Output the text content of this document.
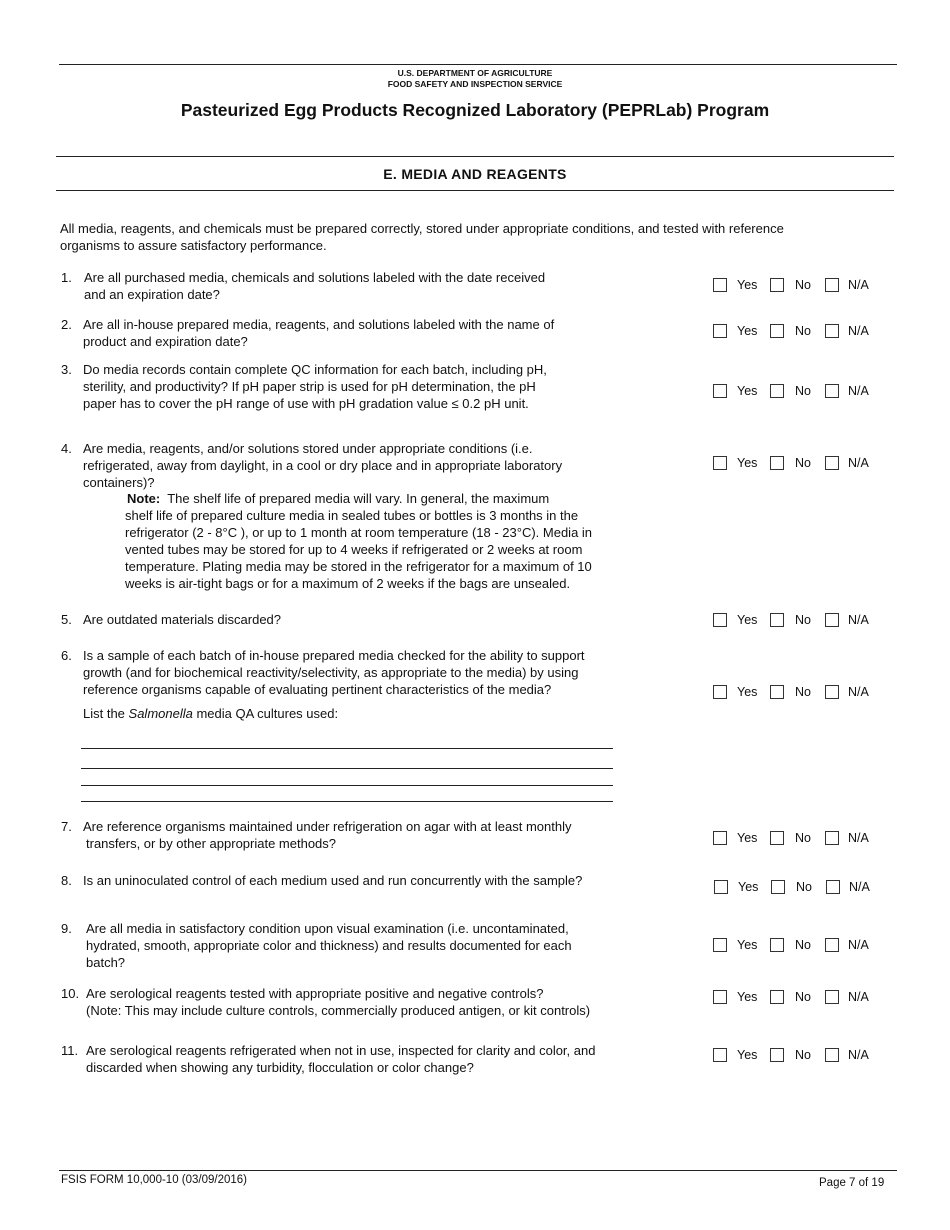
U.S. DEPARTMENT OF AGRICULTURE
FOOD SAFETY AND INSPECTION SERVICE
Pasteurized Egg Products Recognized Laboratory (PEPRLab) Program
E. MEDIA AND REAGENTS
All media, reagents, and chemicals must be prepared correctly, stored under appropriate conditions, and tested with reference
organisms to assure satisfactory performance.
1. Are all purchased media, chemicals and solutions labeled with the date received
and an expiration date?
Yes	No	N/A
2. Are all in-house prepared media, reagents, and solutions labeled with the name of
product and expiration date?
Yes	No	N/A
3. Do media records contain complete QC information for each batch, including pH,
sterility, and productivity? If pH paper strip is used for pH determination, the pH
paper has to cover the pH range of use with pH gradation value ≤ 0.2 pH unit.
Yes	No	N/A
4. Are media, reagents, and/or solutions stored under appropriate conditions (i.e.
refrigerated, away from daylight, in a cool or dry place and in appropriate laboratory
containers)?
Note: The shelf life of prepared media will vary. In general, the maximum
shelf life of prepared culture media in sealed tubes or bottles is 3 months in the
refrigerator (2 - 8°C ), or up to 1 month at room temperature (18 - 23°C). Media in
vented tubes may be stored for up to 4 weeks if refrigerated or 2 weeks at room
temperature. Plating media may be stored in the refrigerator for a maximum of 10
weeks is air-tight bags or for a maximum of 2 weeks if the bags are unsealed.
Yes	No	N/A
5. Are outdated materials discarded?	Yes	No	N/A
6. Is a sample of each batch of in-house prepared media checked for the ability to support
growth (and for biochemical reactivity/selectivity, as appropriate to the media) by using
reference organisms capable of evaluating pertinent characteristics of the media?
List the Salmonella media QA cultures used:
Yes	No	N/A
7. Are reference organisms maintained under refrigeration on agar with at least monthly
transfers, or by other appropriate methods?	Yes	No	N/A
8. Is an uninoculated control of each medium used and run concurrently with the sample?	Yes	No	N/A
9. Are all media in satisfactory condition upon visual examination (i.e. uncontaminated,
hydrated, smooth, appropriate color and thickness) and results documented for each
batch?
Yes	No	N/A
10. Are serological reagents tested with appropriate positive and negative controls?
(Note: This may include culture controls, commercially produced antigen, or kit controls)
Yes	No	N/A
11. Are serological reagents refrigerated when not in use, inspected for clarity and color, and
discarded when showing any turbidity, flocculation or color change?
Yes	No	N/A
FSIS FORM 10,000-10 (03/09/2016)	Page 7 of 19
